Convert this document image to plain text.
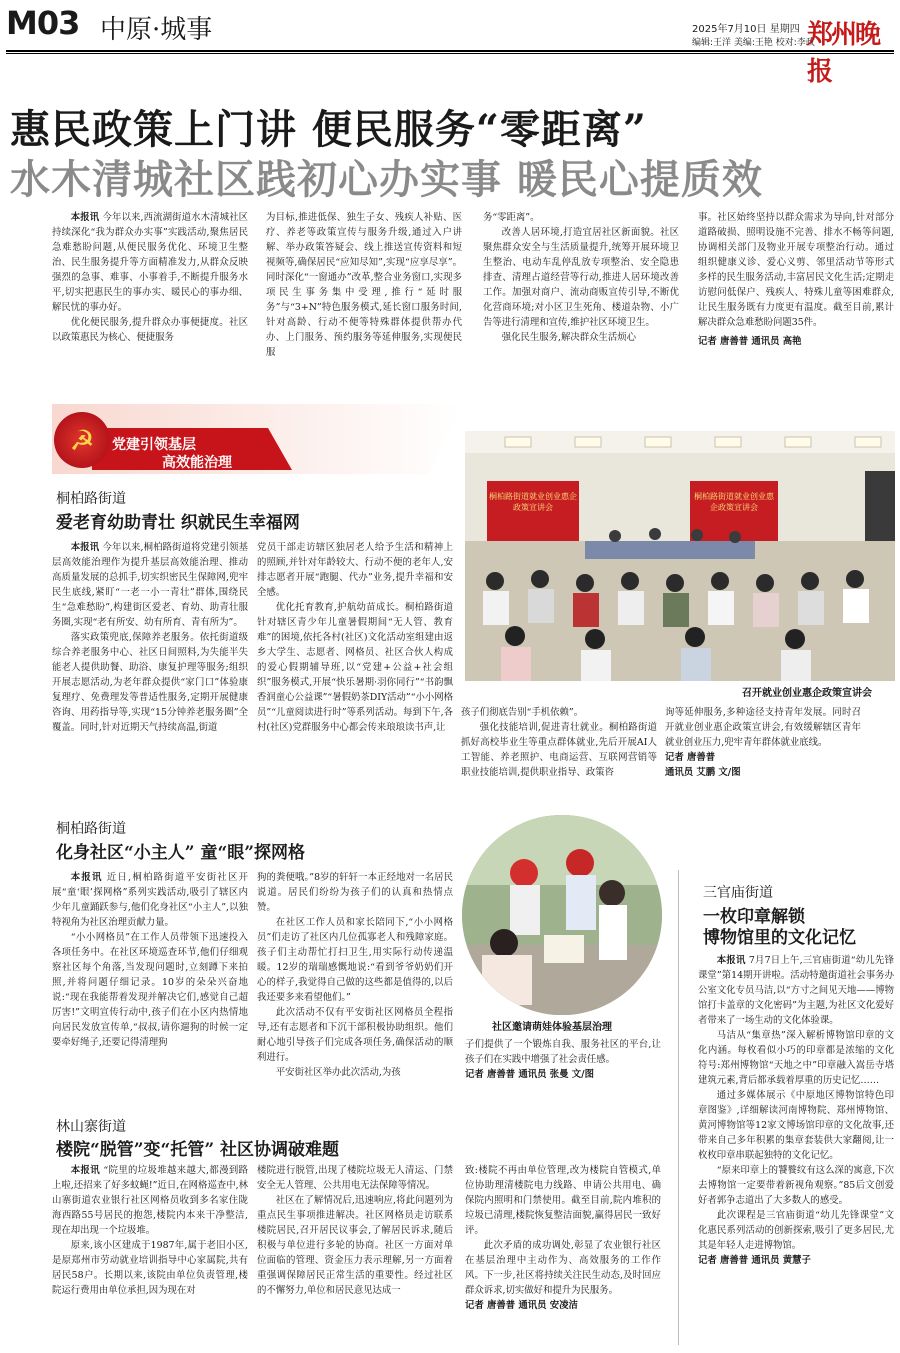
M03 中原·城事	2025年7月10日 星期四
编辑:王洋 美编:王艳 校对:李政
郑州晚报
惠民政策上门讲 便民服务“零距离”
水木清城社区践初心办实事 暖民心提质效

本报讯 今年以来,西流湖街道水木清城社区持续深化“我为群众办实事”实践活动,聚焦居民急难愁盼问题,从便民服务优化、环境卫生整治、民生服务提升等方面精准发力,从群众反映强烈的急事、难事、小事着手,不断提升服务水平,切实把惠民生的事办实、暖民心的事办细、解民忧的事办好。

优化便民服务,提升群众办事便捷度。社区以政策惠民为核心、便捷服务

为目标,推进低保、独生子女、残疾人补贴、医疗、养老等政策宣传与服务升级,通过入户讲解、举办政策答疑会、线上推送宣传资料和短视频等,确保居民“应知尽知”,实现“应享尽享”。同时深化“一窗通办”改革,整合业务窗口,实现多项民生事务集中受理,推行“延时服务”与“3+N”特色服务模式,延长窗口服务时间,针对高龄、行动不便等特殊群体提供帮办代办、上门服务、预约服务等延伸服务,实现便民服

务“零距离”。

改善人居环境,打造宜居社区新面貌。社区聚焦群众安全与生活质量提升,统筹开展环境卫生整治、电动车乱停乱放专项整治、安全隐患排查、清理占道经营等行动,推进人居环境改善工作。加强对商户、流动商贩宣传引导,不断优化营商环境;对小区卫生死角、楼道杂物、小广告等进行清理和宣传,维护社区环境卫生。

强化民生服务,解决群众生活烦心

事。社区始终坚持以群众需求为导向,针对部分道路破损、照明设施不完善、排水不畅等问题,协调相关部门及物业开展专项整治行动。通过组织健康义诊、爱心义剪、邻里活动节等形式多样的民生服务活动,丰富居民文化生活;定期走访慰问低保户、残疾人、特殊儿童等困难群众,让民生服务既有力度更有温度。截至目前,累计解决群众急难愁盼问题35件。

记者 唐善普 通讯员 高艳

☭	党建引领基层
高效能治理
桐柏路街道
爱老育幼助青壮 织就民生幸福网

本报讯 今年以来,桐柏路街道将党建引领基层高效能治理作为提升基层高效能治理、推动高质量发展的总抓手,切实织密民生保障网,兜牢民生底线,紧盯“一老一小一青壮”群体,围绕民生“急难愁盼”,构建街区爱老、育幼、助青壮服务圈,实现“老有所安、幼有所育、青有所为”。

落实政策兜底,保障养老服务。依托街道级综合养老服务中心、社区日间照料,为失能半失能老人提供助餐、助浴、康复护理等服务;组织开展志愿活动,为老年群众提供“家门口”体验康复理疗、免费理发等普适性服务,定期开展健康咨询、用药指导等,实现“15分钟养老服务圈”全覆盖。同时,针对近期天气持续高温,街道

党员干部走访辖区独居老人给予生活和精神上的照顾,并针对年龄较大、行动不便的老年人,安排志愿者开展“跑腿、代办”业务,提升幸福和安全感。

优化托育教育,护航幼苗成长。桐柏路街道针对辖区青少年儿童暑假期间“无人管、教育难”的困境,依托各村(社区)文化活动室组建由返乡大学生、志愿者、网格员、社区合伙人构成的爱心假期辅导班,以“党建+公益+社会组织”服务模式,开展“快乐暑期·羽你同行”“书韵飘香润童心公益课”“暑假奶茶DIY活动”“小小网格员”“儿童阅读进行时”等系列活动。每到下午,各村(社区)党群服务中心都会传来琅琅读书声,让

孩子们彻底告别“手机依赖”。

强化技能培训,促进青壮就业。桐柏路街道抓好高校毕业生等重点群体就业,先后开展AI人工智能、养老照护、电商运营、互联网营销等职业技能培训,提供职业指导、政策咨

询等延伸服务,多种途径支持青年发展。同时召开就业创业惠企政策宣讲会,有效缓解辖区青年就业创业压力,兜牢青年群体就业底线。

记者 唐善普

通讯员 艾鹏 文/图

桐柏路街道就业创业惠企政策宣讲会
桐柏路街道就业创业惠企政策宣讲会
召开就业创业惠企政策宣讲会
桐柏路街道
化身社区“小主人” 童“眼”探网格

本报讯 近日,桐柏路街道平安街社区开展“童‘眼’探网格”系列实践活动,吸引了辖区内少年儿童踊跃参与,他们化身社区“小主人”,以独特视角为社区治理贡献力量。

“小小网格员”在工作人员带领下迅速投入各项任务中。在社区环境巡查环节,他们仔细观察社区每个角落,当发现问题时,立刻蹲下来拍照,并将问题仔细记录。10岁的朵朵兴奋地说:“现在我能帮着发现并解决它们,感觉自己超厉害!”文明宣传行动中,孩子们在小区内热情地向居民发放宣传单,“叔叔,请你遛狗的时候一定要牵好绳子,还要记得清理狗

狗的粪便哦。”8岁的轩轩一本正经地对一名居民说道。居民们纷纷为孩子们的认真和热情点赞。

在社区工作人员和家长陪同下,“小小网格员”们走访了社区内几位孤寡老人和残障家庭。孩子们主动帮忙打扫卫生,用实际行动传递温暖。12岁的瑞瑞感慨地说:“看到爷爷奶奶们开心的样子,我觉得自己做的这些都是值得的,以后我还要多来看望他们。”

此次活动不仅有平安街社区网格员全程指导,还有志愿者和下沉干部积极协助组织。他们耐心地引导孩子们完成各项任务,确保活动的顺利进行。

平安街社区举办此次活动,为孩

社区邀请萌娃体验基层治理

子们提供了一个锻炼自我、服务社区的平台,让孩子们在实践中增强了社会责任感。

记者 唐善普 通讯员 张曼 文/图

三官庙街道
一枚印章解锁
博物馆里的文化记忆

本报讯 7月7日上午,三官庙街道“幼儿先锋课堂”第14期开讲啦。活动特邀街道社会事务办公室文化专员马洁,以“方寸之间见天地——博物馆打卡盖章的文化密码”为主题,为社区文化爱好者带来了一场生动的文化体验课。

马洁从“集章热”深入解析博物馆印章的文化内涵。每枚看似小巧的印章都是浓缩的文化符号:郑州博物馆“天地之中”印章融入嵩岳寺塔建筑元素,背后都承载着厚重的历史记忆……

通过多媒体展示《中原地区博物馆特色印章图鉴》,详细解读河南博物院、郑州博物馆、黄河博物馆等12家文博场馆印章的文化故事,还带来自己多年积累的集章套装供大家翻阅,让一枚枚印章串联起独特的文化记忆。

“原来印章上的饕餮纹有这么深的寓意,下次去博物馆一定要带着新视角观察。”85后文创爱好者郭争志道出了大多数人的感受。

此次课程是三官庙街道“幼儿先锋课堂”文化惠民系列活动的创新探索,吸引了更多居民,尤其是年轻人走进博物馆。

记者 唐善普 通讯员 黄慧子

林山寨街道
楼院“脱管”变“托管” 社区协调破难题

本报讯 “院里的垃圾堆越来越大,都漫到路上啦,还招来了好多蚊蝇!”近日,在网格巡查中,林山寨街道农业银行社区网格员收到多名家住陇海西路55号居民的抱怨,楼院内本来干净整洁,现在却出现一个垃圾堆。

原来,该小区建成于1987年,属于老旧小区,是原郑州市劳动就业培训指导中心家属院,共有居民58户。长期以来,该院由单位负责管理,楼院运行费用由单位承担,因为现在对

楼院进行脱管,出现了楼院垃圾无人清运、门禁安全无人管理、公共用电无法保障等情况。

社区在了解情况后,迅速响应,将此问题列为重点民生事项推进解决。社区网格员走访联系楼院居民,召开居民议事会,了解居民诉求,随后积极与单位进行多轮的协商。社区一方面对单位面临的管理、资金压力表示理解,另一方面着重强调保障居民正常生活的重要性。经过社区的不懈努力,单位和居民意见达成一

致:楼院不再由单位管理,改为楼院自管模式,单位协助理清楼院电力线路、申请公共用电、确保院内照明和门禁使用。截至目前,院内堆积的垃圾已清理,楼院恢复整洁面貌,赢得居民一致好评。

此次矛盾的成功调处,彰显了农业银行社区在基层治理中主动作为、高效服务的工作作风。下一步,社区将持续关注民生动态,及时回应群众诉求,切实做好和提升为民服务。

记者 唐善普 通讯员 安凌洁
